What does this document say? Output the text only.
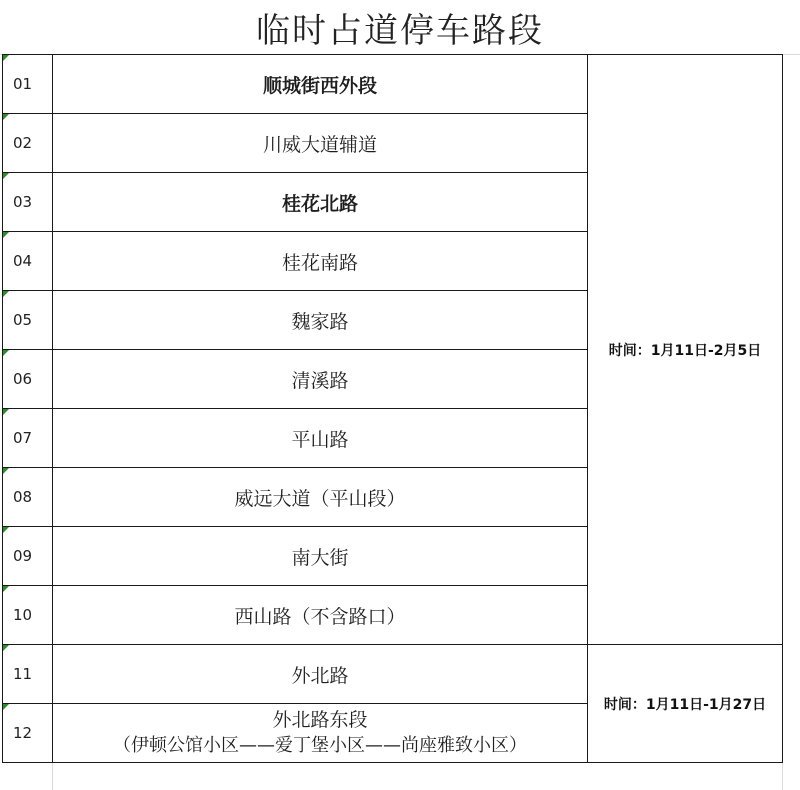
临时占道停车路段
01	顺城街西外段	时间：1月11日-2月5日

02	川威大道辅道	

03	桂花北路	

04	桂花南路	

05	魏家路	

06	清溪路	

07	平山路	

08	威远大道（平山段）	

09	南大街	

10	西山路（不含路口）	

11	外北路	时间：1月11日-1月27日

12	外北路东段
（伊顿公馆小区——爱丁堡小区——尚座雅致小区）	
